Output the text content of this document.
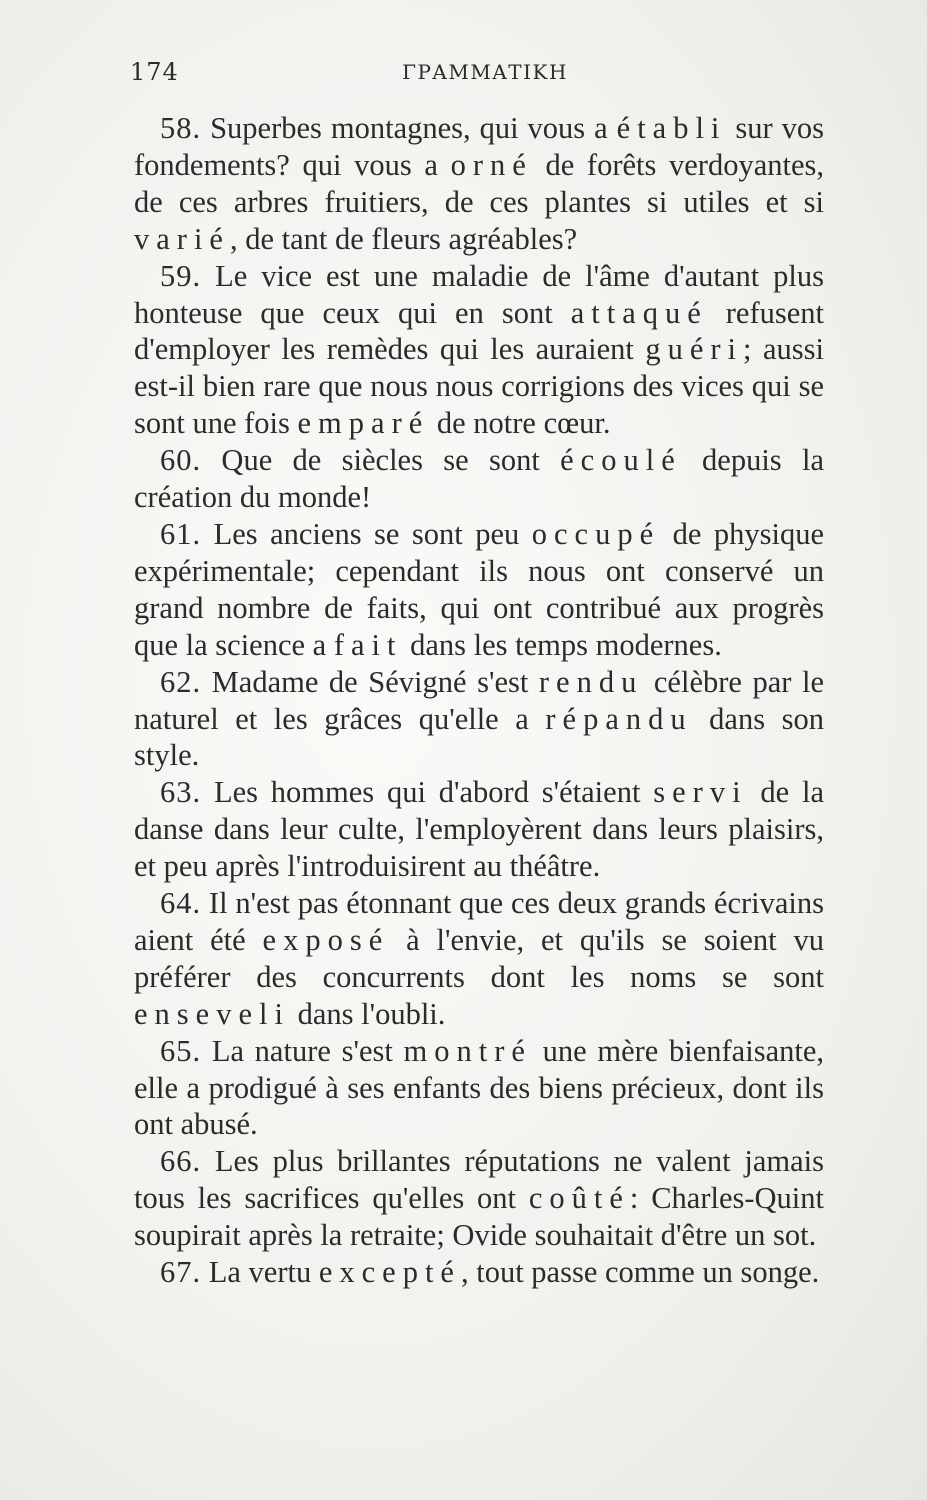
174	ΓΡΑΜΜΑΤΙΚΗ

58. Superbes montagnes, qui vous a établi sur vos fondements? qui vous a orné de forêts verdoyantes, de ces arbres fruitiers, de ces plantes si utiles et si varié, de tant de fleurs agréables?

59. Le vice est une maladie de l'âme d'autant plus honteuse que ceux qui en sont attaqué refusent d'employer les remèdes qui les auraient guéri; aussi est-il bien rare que nous nous corrigions des vices qui se sont une fois emparé de notre cœur.

60. Que de siècles se sont écoulé depuis la création du monde!

61. Les anciens se sont peu occupé de physique expérimentale; cependant ils nous ont conservé un grand nombre de faits, qui ont contribué aux progrès que la science a fait dans les temps modernes.

62. Madame de Sévigné s'est rendu célèbre par le naturel et les grâces qu'elle a répandu dans son style.

63. Les hommes qui d'abord s'étaient servi de la danse dans leur culte, l'employèrent dans leurs plaisirs, et peu après l'introduisirent au théâtre.

64. Il n'est pas étonnant que ces deux grands écrivains aient été exposé à l'envie, et qu'ils se soient vu préférer des concurrents dont les noms se sont enseveli dans l'oubli.

65. La nature s'est montré une mère bienfaisante, elle a prodigué à ses enfants des biens précieux, dont ils ont abusé.

66. Les plus brillantes réputations ne valent jamais tous les sacrifices qu'elles ont coûté: Charles-Quint soupirait après la retraite; Ovide souhaitait d'être un sot.

67. La vertu excepté, tout passe comme un songe.
